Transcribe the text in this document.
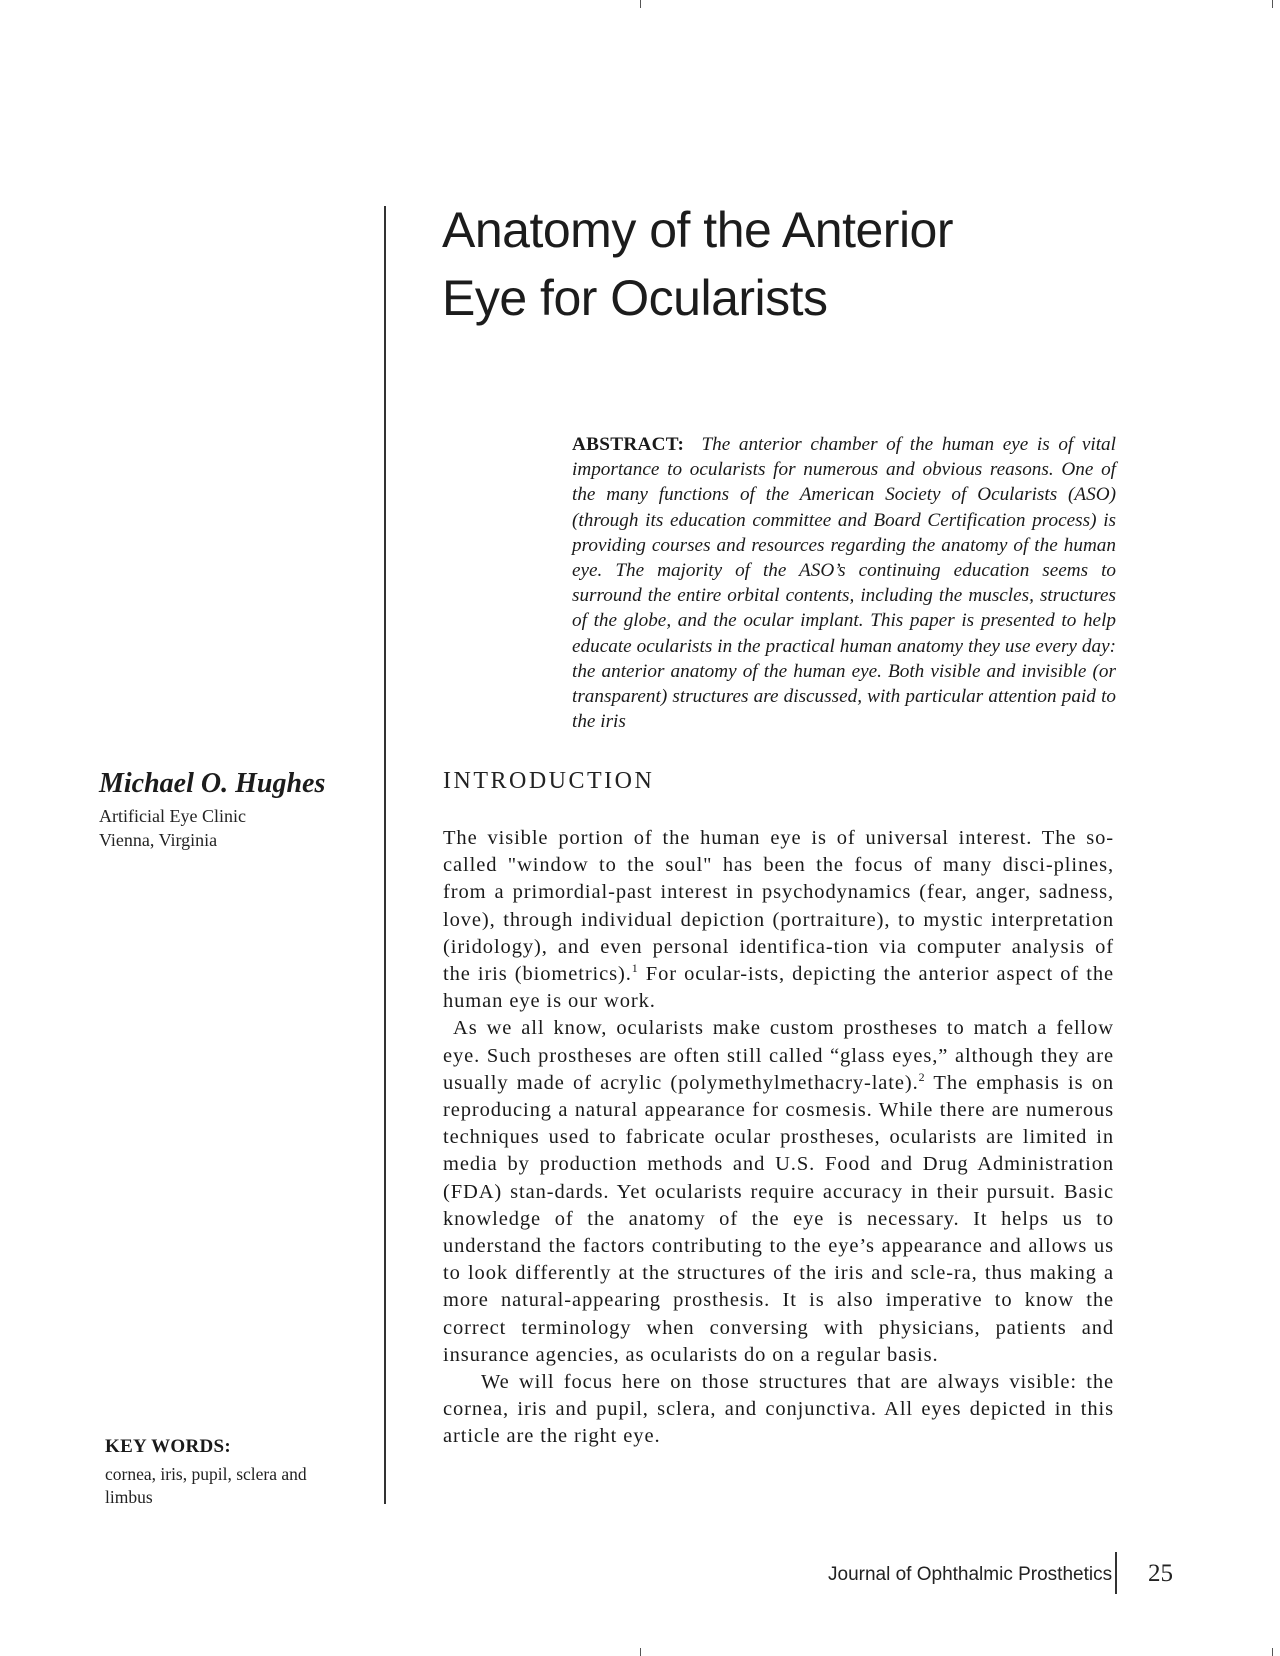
Anatomy of the Anterior
Eye for Ocularists

ABSTRACT: The anterior chamber of the human eye is of vital importance to ocularists for numerous and obvious reasons. One of the many functions of the American Society of Ocularists (ASO) (through its education committee and Board Certification process) is providing courses and resources regarding the anatomy of the human eye. The majority of the ASO’s continuing education seems to surround the entire orbital contents, including the muscles, structures of the globe, and the ocular implant. This paper is presented to help educate ocularists in the practical human anatomy they use every day: the anterior anatomy of the human eye. Both visible and invisible (or transparent) structures are discussed, with particular attention paid to the iris

Michael O. Hughes

Artificial Eye Clinic

Vienna, Virginia

KEY WORDS:

cornea, iris, pupil, sclera and limbus

INTRODUCTION

The visible portion of the human eye is of universal interest. The so-called "window to the soul" has been the focus of many disci-plines, from a primordial-past interest in psychodynamics (fear, anger, sadness, love), through individual depiction (portraiture), to mystic interpretation (iridology), and even personal identifica-tion via computer analysis of the iris (biometrics).$^1$ For ocular-ists, depicting the anterior aspect of the human eye is our work.

As we all know, ocularists make custom prostheses to match a fellow eye. Such prostheses are often still called “glass eyes,” although they are usually made of acrylic (polymethylmethacry-late).$^2$ The emphasis is on reproducing a natural appearance for cosmesis. While there are numerous techniques used to fabricate ocular prostheses, ocularists are limited in media by production methods and U.S. Food and Drug Administration (FDA) stan-dards. Yet ocularists require accuracy in their pursuit. Basic knowledge of the anatomy of the eye is necessary. It helps us to understand the factors contributing to the eye’s appearance and allows us to look differently at the structures of the iris and scle-ra, thus making a more natural-appearing prosthesis. It is also imperative to know the correct terminology when conversing with physicians, patients and insurance agencies, as ocularists do on a regular basis.

We will focus here on those structures that are always visible: the cornea, iris and pupil, sclera, and conjunctiva. All eyes depicted in this article are the right eye.

Journal of Ophthalmic Prosthetics 25
